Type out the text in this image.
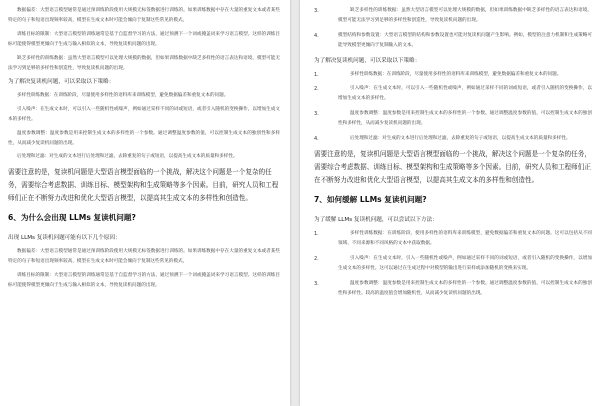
数据偏差：大型语言模型通常是通过预训练阶段使用大规模无标签数据进行训练的。如果训练数据中存在大量的重复文本或者某些特定的句子和短语出现频率较高，模型在生成文本时可能会倾向于复制这些常见的模式。

训练目标的限制：大型语言模型的训练通常是基于自监督学习的方法，通过预测下一个词或掩盖词来学习语言模型。这样的训练目标可能使得模型更倾向于生成与输入相似的文本，导致复读机问题的出现。

缺乏多样性的训练数据：虽然大型语言模型可以处理大规模的数据，但如果训练数据中缺乏多样性的语言表达和语境，模型可能无法学习到足够的多样性和创造性，导致复读机问题的出现。

为了解决复读机问题，可以采取以下策略：

多样性训练数据：在训练阶段，尽量使用多样性的语料库来训练模型，避免数据偏差和重复文本的问题。

引入噪声：在生成文本时，可以引入一些随机性或噪声，例如通过采样不同的词或短语，或者引入随机的变换操作，以增加生成文本的多样性。

温度参数调整：温度参数是用来控制生成文本的多样性的一个参数。通过调整温度参数的值，可以控制生成文本的独创性和多样性，从而减少复读机问题的出现。

后处理和过滤：对生成的文本进行后处理和过滤，去除重复的句子或短语，以提高生成文本的质量和多样性。

需要注意的是，复读机问题是大型语言模型面临的一个挑战，解决这个问题是一个复杂的任务，需要综合考虑数据、训练目标、模型架构和生成策略等多个因素。目前，研究人员和工程师们正在不断努力改进和优化大型语言模型，以提高其生成文本的多样性和创造性。

6、为什么会出现 LLMs 复读机问题?

出现 LLMs 复读机问题可能有以下几个原因：

数据偏差：大型语言模型通常是通过预训练阶段使用大规模无标签数据进行训练的。如果训练数据中存在大量的重复文本或者某些特定的句子和短语出现频率较高，模型在生成文本时可能会倾向于复制这些常见的模式。

训练目标的限制：大型语言模型的训练通常是基于自监督学习的方法，通过预测下一个词或掩盖词来学习语言模型。这样的训练目标可能使得模型更倾向于生成与输入相似的文本，导致复读机问题的出现。

3.	缺乏多样性的训练数据：虽然大型语言模型可以处理大规模的数据，但如果训练数据中缺乏多样性的语言表达和语境，模型可能无法学习到足够的多样性和创造性，导致复读机问题的出现。
4.	模型结构和参数设置：大型语言模型的结构和参数设置也可能对复读机问题产生影响。例如，模型的注意力机制和生成策略可能导致模型更倾向于复制输入的文本。

为了解决复读机问题，可以采取以下策略：

1.	多样性训练数据：在训练阶段，尽量使用多样性的语料库来训练模型，避免数据偏差和重复文本的问题。
2.	引入噪声：在生成文本时，可以引入一些随机性或噪声，例如通过采样不同的词或短语，或者引入随机的变换操作，以增加生成文本的多样性。
3.	温度参数调整：温度参数是用来控制生成文本的多样性的一个参数。通过调整温度参数的值，可以控制生成文本的独创性和多样性，从而减少复读机问题的出现。
4.	后处理和过滤：对生成的文本进行后处理和过滤，去除重复的句子或短语，以提高生成文本的质量和多样性。

需要注意的是，复读机问题是大型语言模型面临的一个挑战，解决这个问题是一个复杂的任务，需要综合考虑数据、训练目标、模型架构和生成策略等多个因素。目前，研究人员和工程师们正在不断努力改进和优化大型语言模型，以提高其生成文本的多样性和创造性。

7、如何缓解 LLMs 复读机问题?

为了缓解 LLMs 复读机问题，可以尝试以下方法：

1.	多样性训练数据：在训练阶段，使用多样性的语料库来训练模型，避免数据偏差和重复文本的问题。这可以包括从不同领域、不同来源和不同风格的文本中获取数据。
2.	引入噪声：在生成文本时，引入一些随机性或噪声，例如通过采样不同的词或短语，或者引入随机的变换操作，以增加生成文本的多样性。这可以通过在生成过程中对模型的输出进行采样或添加随机的变换来实现。
3.	温度参数调整：温度参数是用来控制生成文本的多样性的一个参数。通过调整温度参数的值，可以控制生成文本的独创性和多样性。较高的温度值会增加随机性，从而减少复读机问题的出现。
